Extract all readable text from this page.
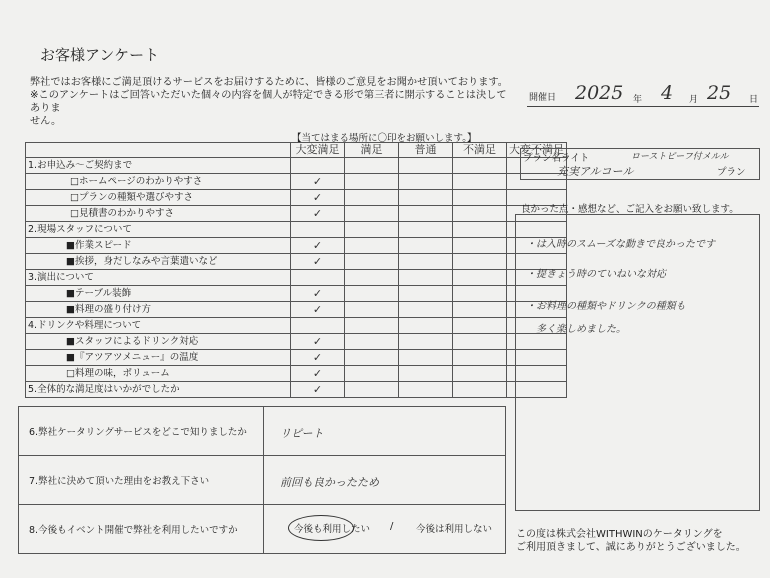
お客様アンケート
弊社ではお客様にご満足頂けるサービスをお届けするために、皆様のご意見をお聞かせ頂いております。
※このアンケートはご回答いただいた個々の内容を個人が特定できる形で第三者に開示することは決してありま
せん。
開催日 2025 年 4 月 25 日
【当てはまる場所に〇印をお願いします。】
	大変満足	満足	普通	不満足	大変不満足
1.お申込み～ご契約まで					
□ホームページのわかりやすさ	✓				
□プランの種類や選びやすさ	✓				
□見積書のわかりやすさ	✓				
2.現場スタッフについて					
■作業スピード	✓				
■挨拶，身だしなみや言葉遣いなど	✓				
3.演出について					
■テーブル装飾	✓				
■料理の盛り付け方	✓				
4.ドリンクや料理について					
■スタッフによるドリンク対応	✓				
■『アツアツメニュー』の温度	✓				
□料理の味，ボリューム	✓				
5.全体的な満足度はいかがでしたか	✓				
プラン名ライト	ローストビーフ付メルル
充実アルコール	プラン
良かった点・感想など、ご記入をお願い致します。
・は入時のスムーズな動きで良かったです
・提きょう時のていねいな対応
・お料理の種類やドリンクの種類も
　多く楽しめました。
6.弊社ケータリングサービスをどこで知りましたか	リピート
7.弊社に決めて頂いた理由をお教え下さい	前回も良かったため
8.今後もイベント開催で弊社を利用したいですか	今後も利用したい / 今後は利用しない この度は株式会社WITHWINのケータリングを
ご利用頂きまして、誠にありがとうございました。
